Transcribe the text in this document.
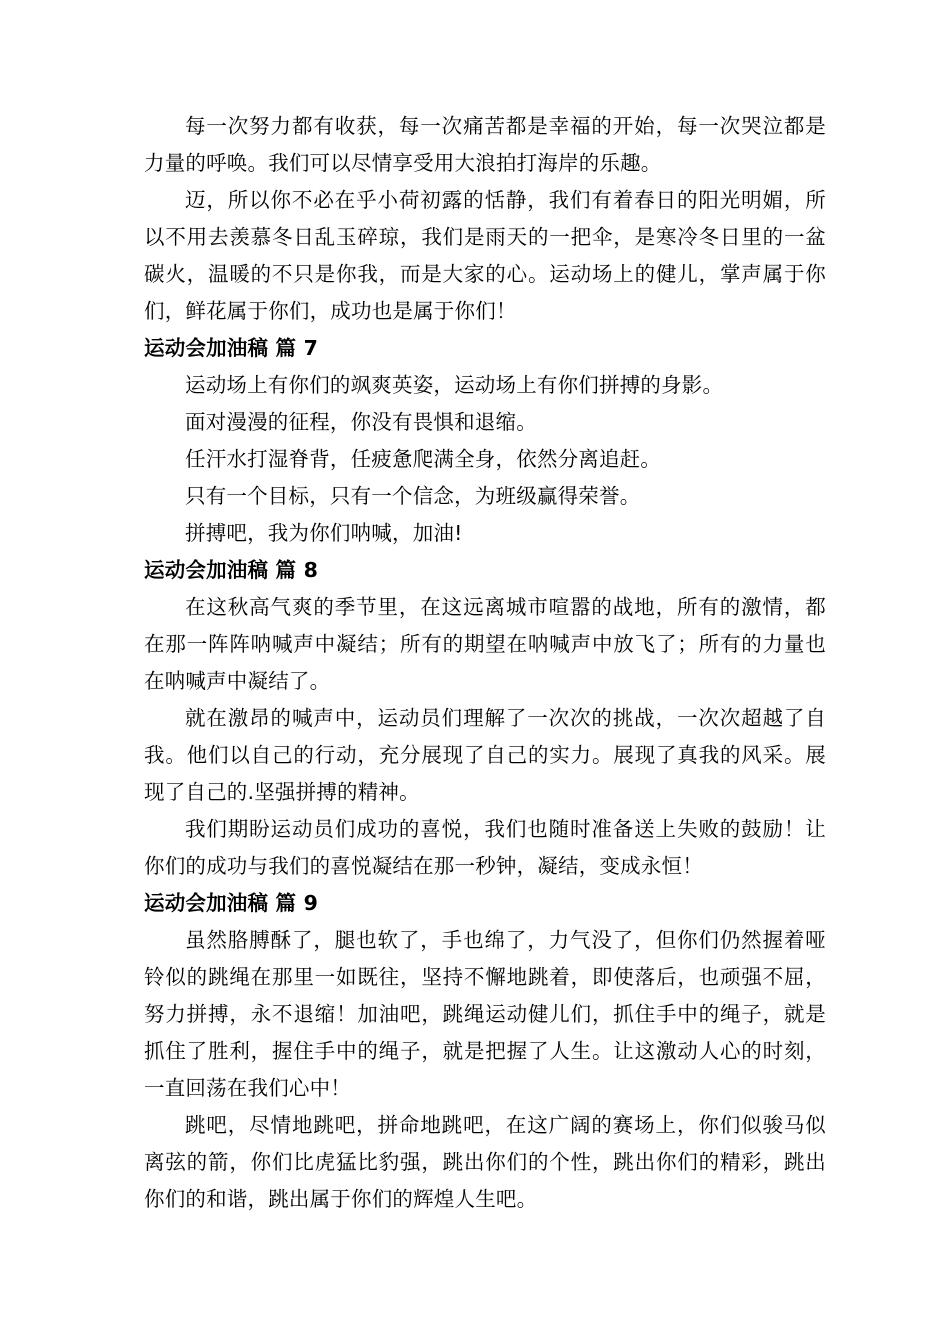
每一次努力都有收获，每一次痛苦都是幸福的开始，每一次哭泣都是力量的呼唤。我们可以尽情享受用大浪拍打海岸的乐趣。

迈，所以你不必在乎小荷初露的恬静，我们有着春日的阳光明媚，所以不用去羡慕冬日乱玉碎琼，我们是雨天的一把伞，是寒冷冬日里的一盆碳火，温暖的不只是你我，而是大家的心。运动场上的健儿，掌声属于你们，鲜花属于你们，成功也是属于你们！

运动会加油稿 篇 7

运动场上有你们的飒爽英姿，运动场上有你们拼搏的身影。

面对漫漫的征程，你没有畏惧和退缩。

任汗水打湿脊背，任疲惫爬满全身，依然分离追赶。

只有一个目标，只有一个信念，为班级赢得荣誉。

拼搏吧，我为你们呐喊，加油!

运动会加油稿 篇 8

在这秋高气爽的季节里，在这远离城市喧嚣的战地，所有的激情，都在那一阵阵呐喊声中凝结；所有的期望在呐喊声中放飞了；所有的力量也在呐喊声中凝结了。

就在激昂的喊声中，运动员们理解了一次次的挑战，一次次超越了自我。他们以自己的行动，充分展现了自己的实力。展现了真我的风采。展现了自己的.坚强拼搏的精神。

我们期盼运动员们成功的喜悦，我们也随时准备送上失败的鼓励！让你们的成功与我们的喜悦凝结在那一秒钟，凝结，变成永恒！

运动会加油稿 篇 9

虽然胳膊酥了，腿也软了，手也绵了，力气没了，但你们仍然握着哑铃似的跳绳在那里一如既往，坚持不懈地跳着，即使落后，也顽强不屈，努力拼搏，永不退缩！加油吧，跳绳运动健儿们，抓住手中的绳子，就是抓住了胜利，握住手中的绳子，就是把握了人生。让这激动人心的时刻，一直回荡在我们心中！

跳吧，尽情地跳吧，拼命地跳吧，在这广阔的赛场上，你们似骏马似离弦的箭，你们比虎猛比豹强，跳出你们的个性，跳出你们的精彩，跳出你们的和谐，跳出属于你们的辉煌人生吧。
